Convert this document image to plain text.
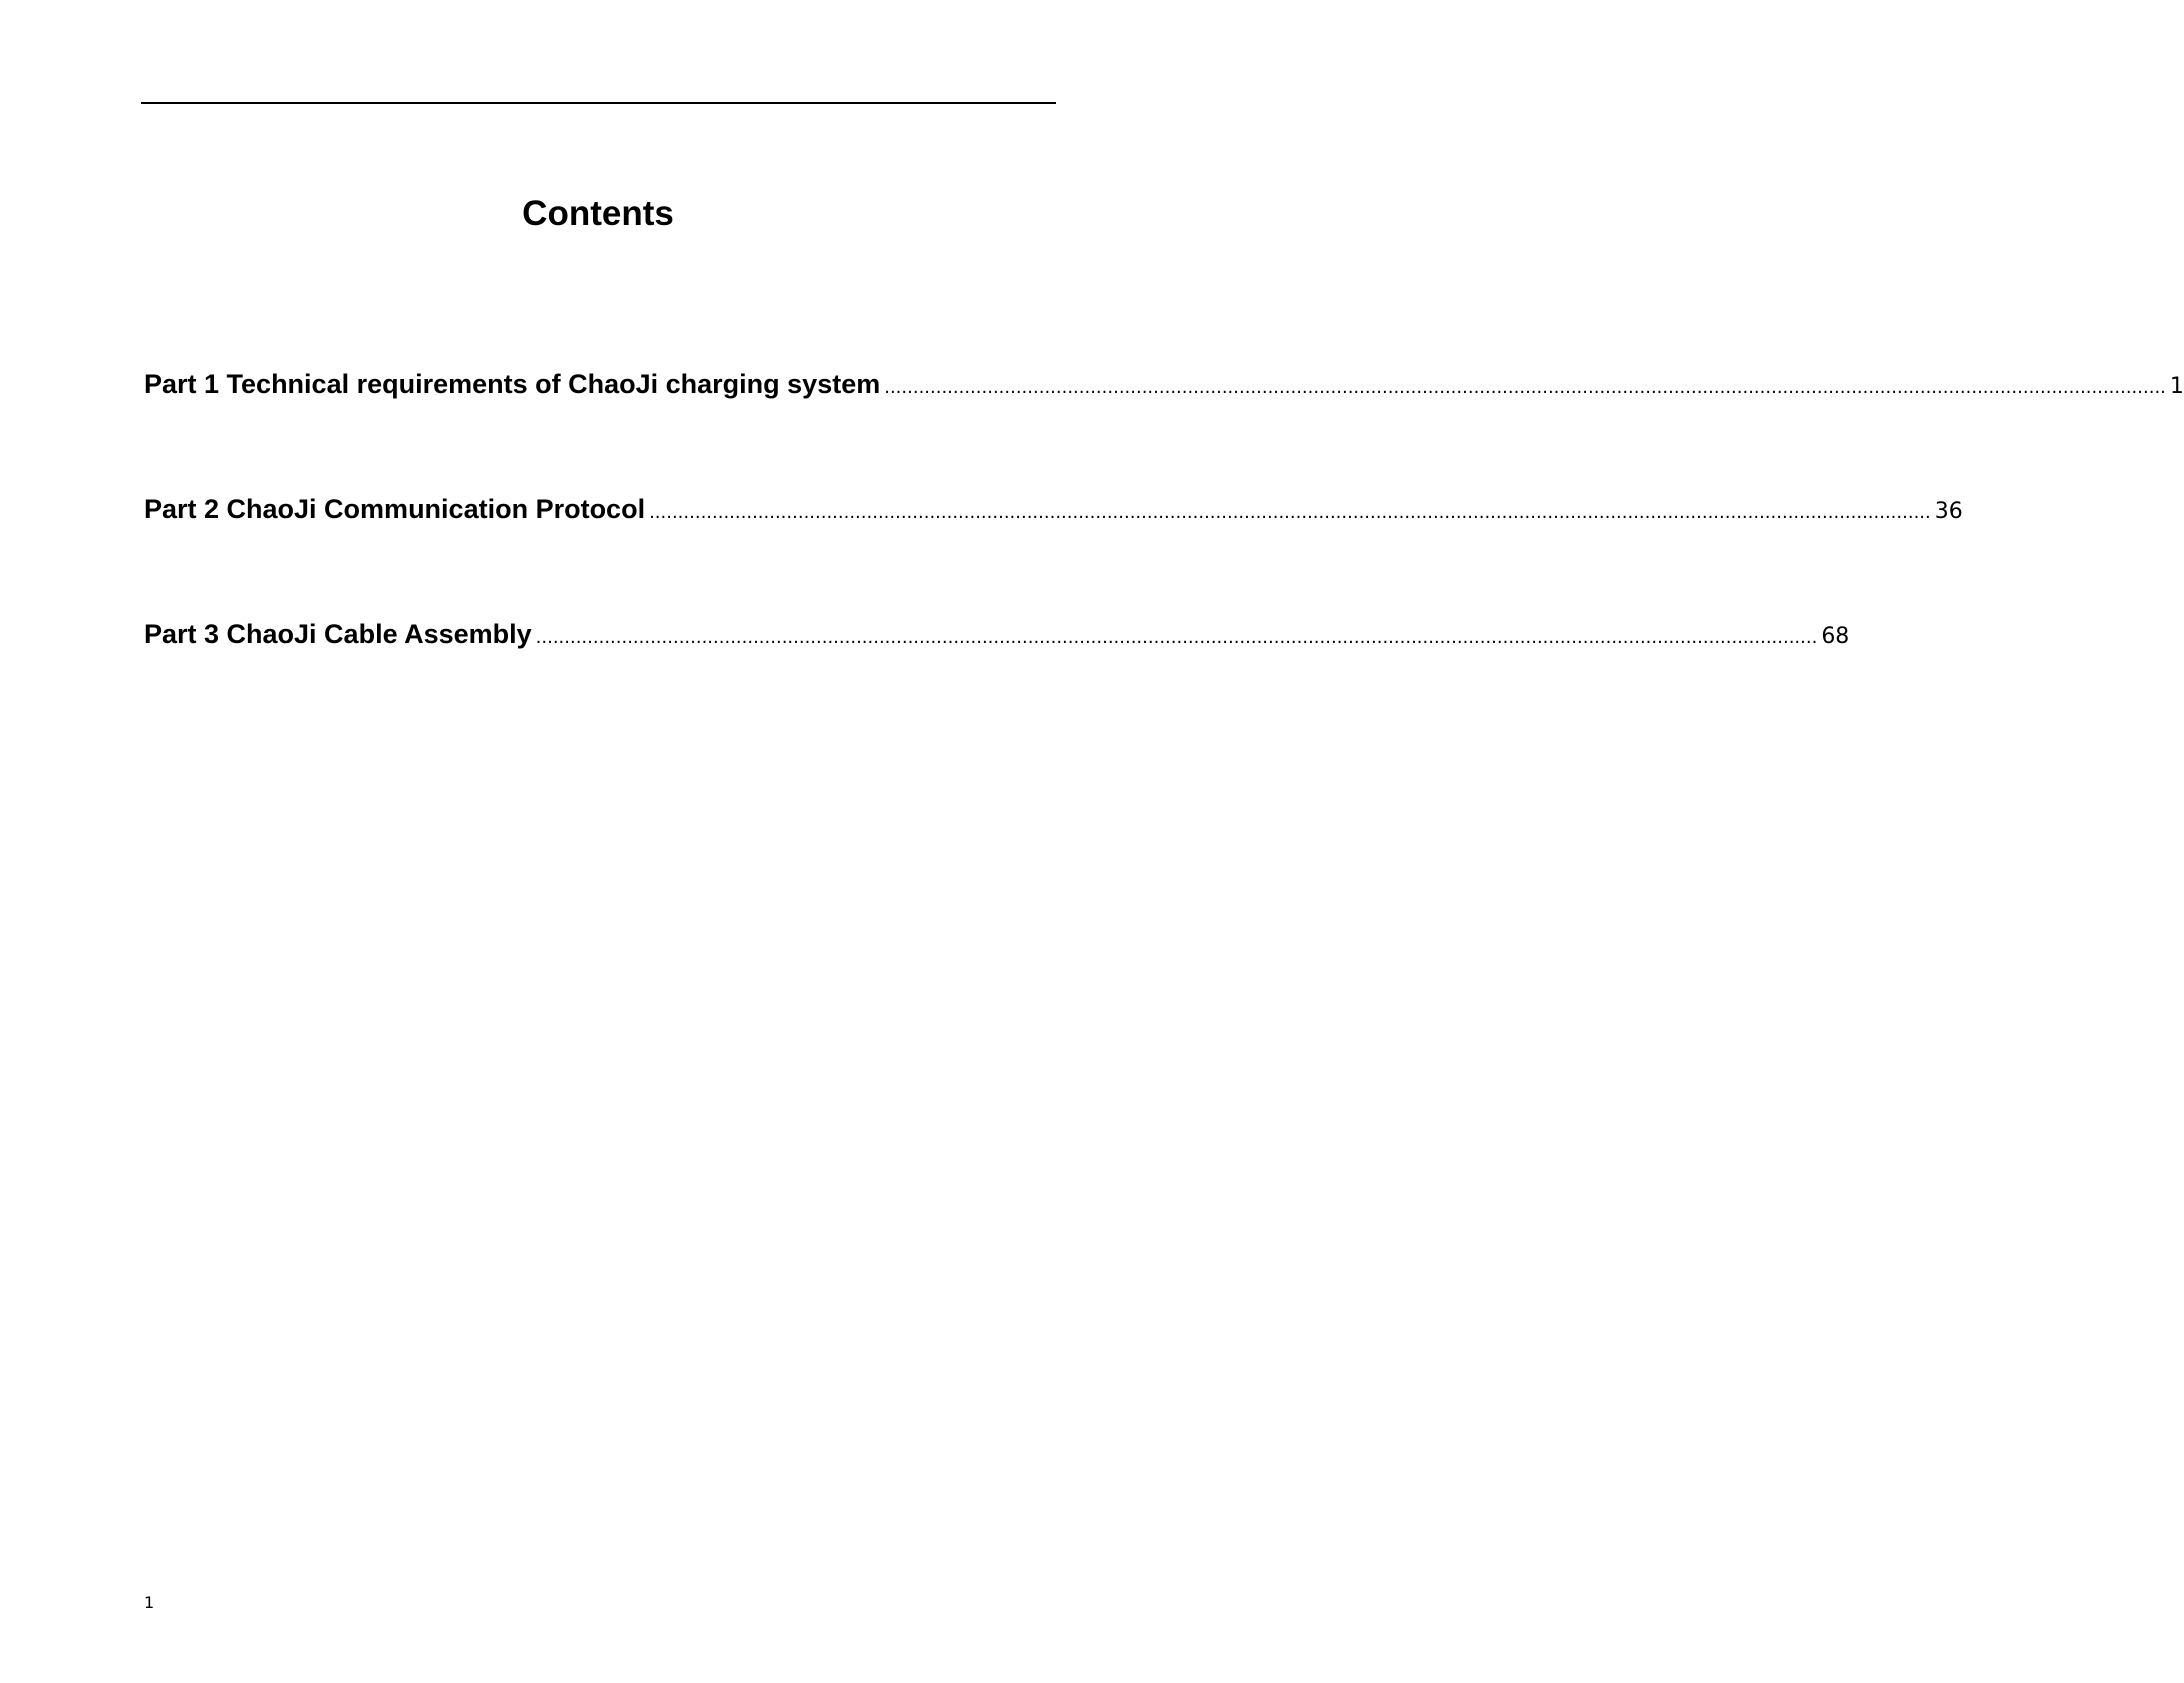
Contents
Part 1 Technical requirements of ChaoJi charging system ................................................................................................................................................................................................................................ 1
Part 2 ChaoJi Communication Protocol ................................................................................................................................................................................................................................ 36
Part 3 ChaoJi Cable Assembly ................................................................................................................................................................................................................................ 68
1
